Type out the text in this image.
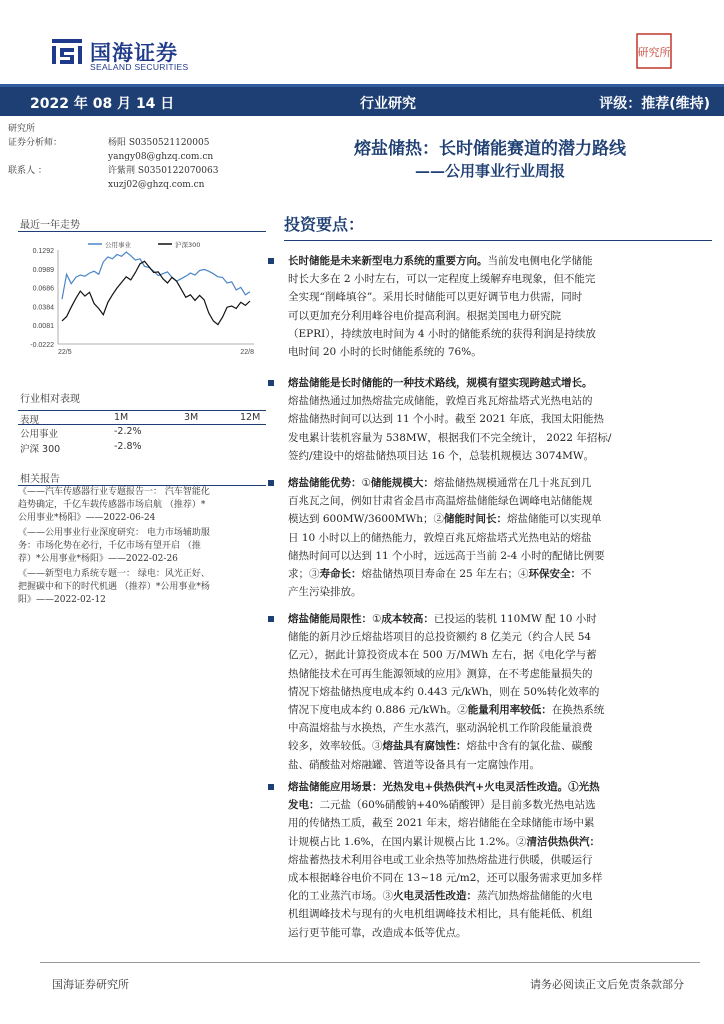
国海证券
SEALAND SECURITIES
研究所
2022 年 08 月 14 日	行业研究	评级：推荐(维持)
研究所
证券分析师：	杨阳 S0350521120005
yangy08@ghzq.com.cn
联系人 ：	许紫荆 S0350122070063
xuzj02@ghzq.com.cn
熔盐储热：长时储能赛道的潜力路线
——公用事业行业周报
最近一年走势
0.1292
0.0989
0.0686
0.0384
0.0081
-0.0222
22/5	22/8
公用事业	沪深300
行业相对表现
表现	1M	3M	12M
公用事业	-2.2%
沪深 300	-2.8%
相关报告
《——汽车传感器行业专题报告一： 汽车智能化
趋势确定，千亿车载传感器市场启航 （推荐）*
公用事业*杨阳》——2022-06-24
《——公用事业行业深度研究： 电力市场辅助服
务：市场化势在必行，千亿市场有望开启 （推
荐）*公用事业*杨阳》——2022-02-26
《——新型电力系统专题一： 绿电：风光正好、
把握碳中和下的时代机遇 （推荐）*公用事业*杨
阳》——2022-02-12
投资要点：
长时储能是未来新型电力系统的重要方向。当前发电侧电化学储能
时长大多在 2 小时左右，可以一定程度上缓解弃电现象，但不能完
全实现“削峰填谷”。采用长时储能可以更好调节电力供需，同时
可以更加充分利用峰谷电价提高利润。根据美国电力研究院
（EPRI），持续放电时间为 4 小时的储能系统的获得利润是持续放
电时间 20 小时的长时储能系统的 76%。
熔盐储能是长时储能的一种技术路线，规模有望实现跨越式增长。
熔盐储热通过加热熔盐完成储能，敦煌百兆瓦熔盐塔式光热电站的
熔盐储热时间可以达到 11 个小时。截至 2021 年底，我国太阳能热
发电累计装机容量为 538MW，根据我们不完全统计， 2022 年招标/
签约/建设中的熔盐储热项目达 16 个，总装机规模达 3074MW。
熔盐储能优势：①储能规模大：熔盐储热规模通常在几十兆瓦到几
百兆瓦之间，例如甘肃省金昌市高温熔盐储能绿色调峰电站储能规
模达到 600MW/3600MWh；②储能时间长：熔盐储能可以实现单
日 10 小时以上的储热能力，敦煌百兆瓦熔盐塔式光热电站的熔盐
储热时间可以达到 11 个小时，远远高于当前 2-4 小时的配储比例要
求；③寿命长：熔盐储热项目寿命在 25 年左右；④环保安全：不
产生污染排放。
熔盐储能局限性：①成本较高：已投运的装机 110MW 配 10 小时
储能的新月沙丘熔盐塔项目的总投资额约 8 亿美元（约合人民 54
亿元），据此计算投资成本在 500 万/MWh 左右，据《电化学与蓄
热储能技术在可再生能源领域的应用》测算，在不考虑能量损失的
情况下熔盐储热度电成本约 0.443 元/kWh，则在 50%转化效率的
情况下度电成本约 0.886 元/kWh。②能量利用率较低：在换热系统
中高温熔盐与水换热，产生水蒸汽，驱动涡轮机工作阶段能量浪费
较多，效率较低。③熔盐具有腐蚀性：熔盐中含有的氯化盐、碳酸
盐、硝酸盐对熔融罐、管道等设备具有一定腐蚀作用。
熔盐储能应用场景：光热发电+供热供汽+火电灵活性改造。①光热
发电：二元盐（60%硝酸钠+40%硝酸钾）是目前多数光热电站选
用的传储热工质，截至 2021 年末，熔岩储能在全球储能市场中累
计规模占比 1.6%，在国内累计规模占比 1.2%。②清洁供热供汽：
熔盐蓄热技术利用谷电或工业余热等加热熔盐进行供暖，供暖运行
成本根据峰谷电价不同在 13~18 元/m2，还可以服务需求更加多样
化的工业蒸汽市场。③火电灵活性改造：蒸汽加热熔盐储能的火电
机组调峰技术与现有的火电机组调峰技术相比，具有能耗低、机组
运行更节能可靠，改造成本低等优点。
国海证券研究所	请务必阅读正文后免责条款部分
